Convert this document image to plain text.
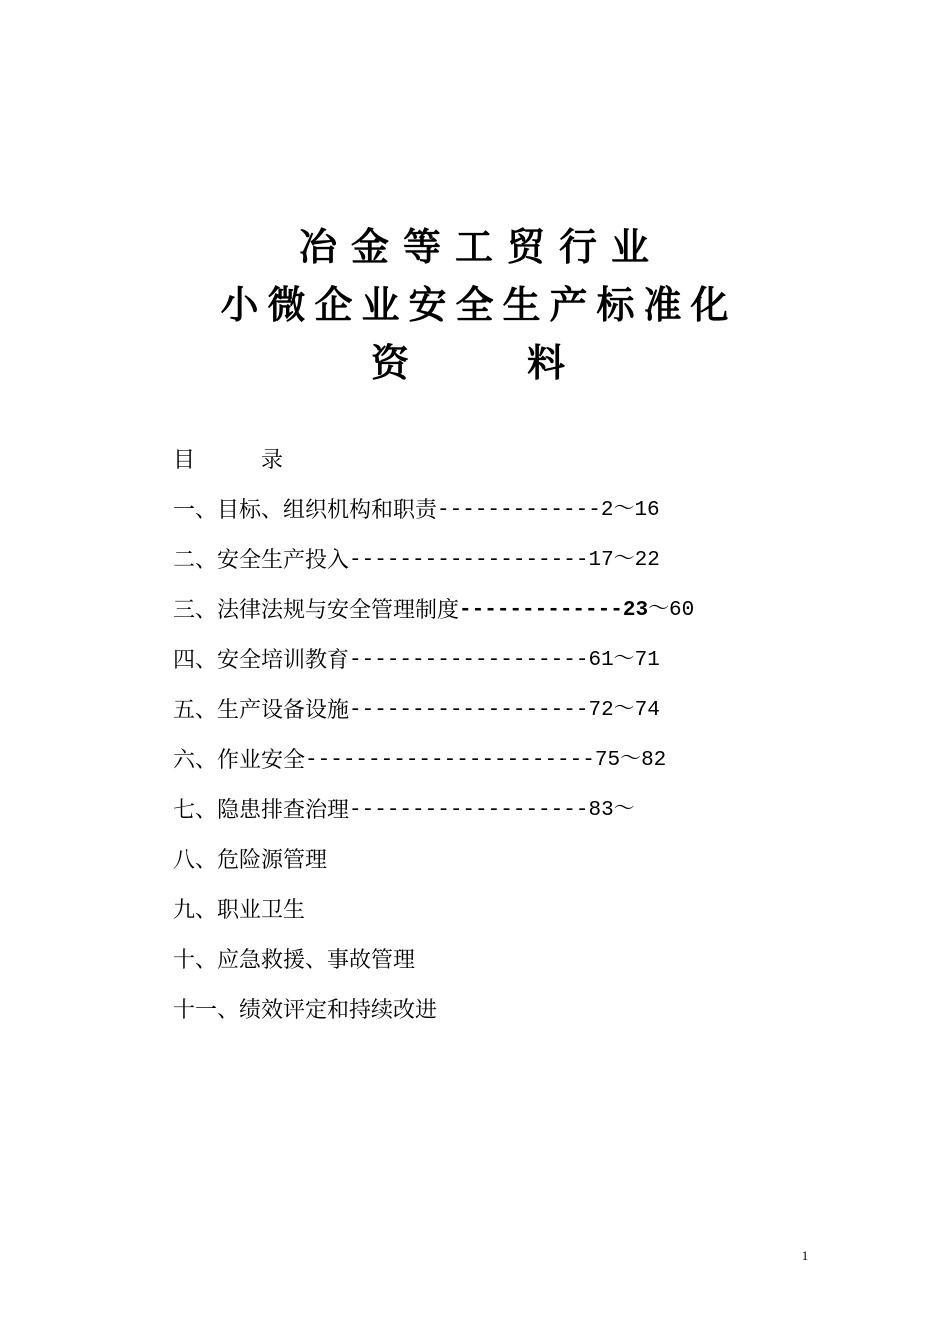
冶金等工贸行业
小微企业安全生产标准化
资　　料
目　　　录
一、目标、组织机构和职责-------------2～16
二、安全生产投入-------------------17～22
三、法律法规与安全管理制度-------------23～60
四、安全培训教育-------------------61～71
五、生产设备设施-------------------72～74
六、作业安全-----------------------75～82
七、隐患排查治理-------------------83～
八、危险源管理
九、职业卫生
十、应急救援、事故管理
十一、绩效评定和持续改进
1
